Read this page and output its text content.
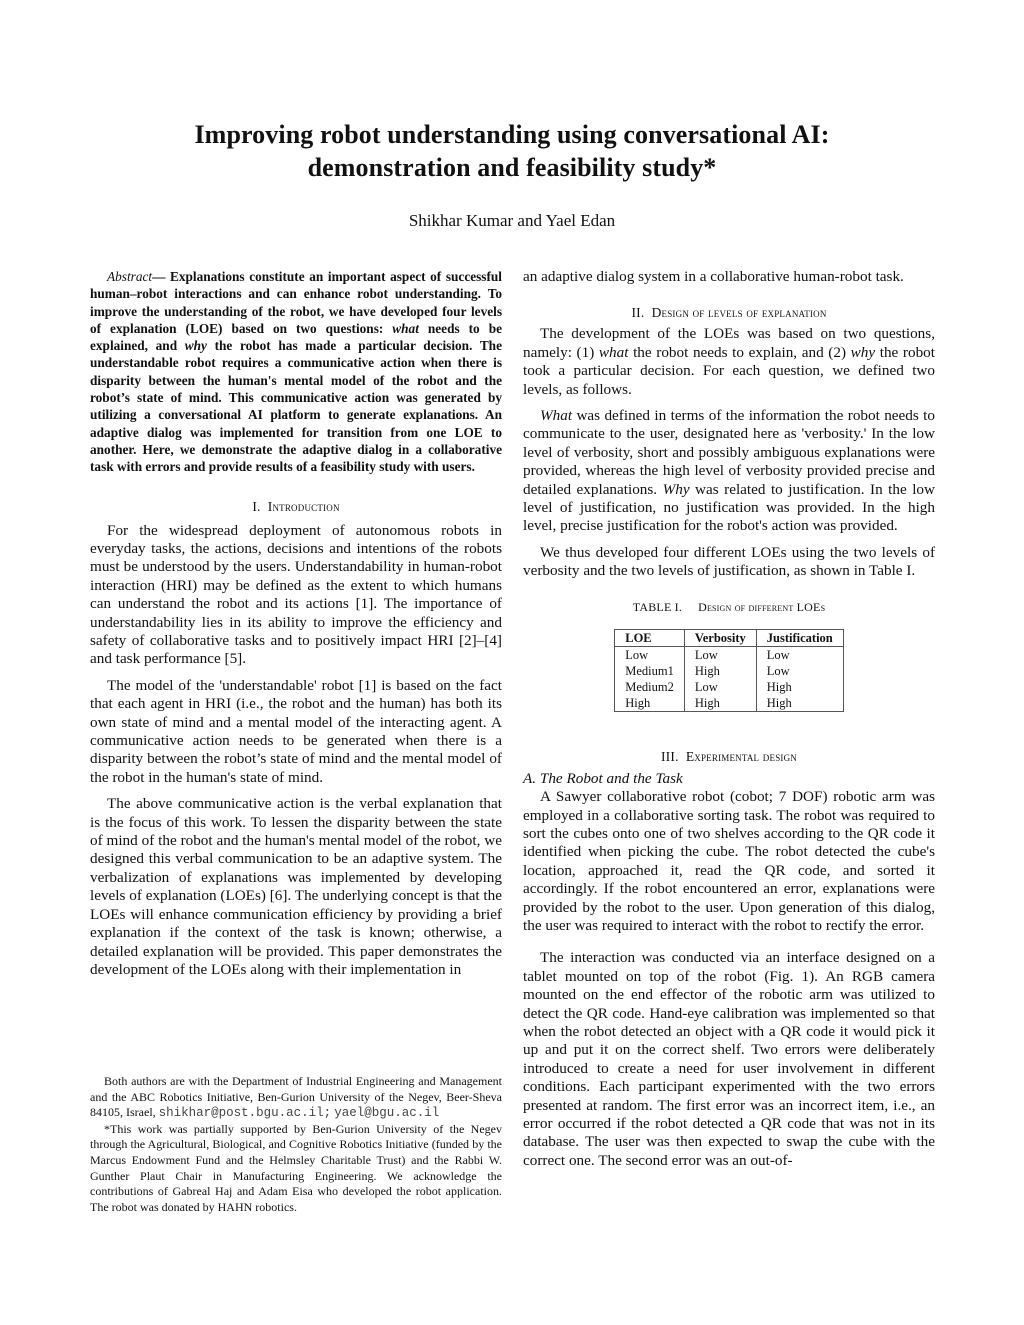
Improving robot understanding using conversational AI:
demonstration and feasibility study*
Shikhar Kumar and Yael Edan

Abstract— Explanations constitute an important aspect of successful human–robot interactions and can enhance robot understanding. To improve the understanding of the robot, we have developed four levels of explanation (LOE) based on two questions: what needs to be explained, and why the robot has made a particular decision. The understandable robot requires a communicative action when there is disparity between the human's mental model of the robot and the robot’s state of mind. This communicative action was generated by utilizing a conversational AI platform to generate explanations. An adaptive dialog was implemented for transition from one LOE to another. Here, we demonstrate the adaptive dialog in a collaborative task with errors and provide results of a feasibility study with users.

I. Introduction

For the widespread deployment of autonomous robots in everyday tasks, the actions, decisions and intentions of the robots must be understood by the users. Understandability in human-robot interaction (HRI) may be defined as the extent to which humans can understand the robot and its actions [1]. The importance of understandability lies in its ability to improve the efficiency and safety of collaborative tasks and to positively impact HRI [2]–[4] and task performance [5].

The model of the 'understandable' robot [1] is based on the fact that each agent in HRI (i.e., the robot and the human) has both its own state of mind and a mental model of the interacting agent. A communicative action needs to be generated when there is a disparity between the robot’s state of mind and the mental model of the robot in the human's state of mind.

The above communicative action is the verbal explanation that is the focus of this work. To lessen the disparity between the state of mind of the robot and the human's mental model of the robot, we designed this verbal communication to be an adaptive system. The verbalization of explanations was implemented by developing levels of explanation (LOEs) [6]. The underlying concept is that the LOEs will enhance communication efficiency by providing a brief explanation if the context of the task is known; otherwise, a detailed explanation will be provided. This paper demonstrates the development of the LOEs along with their implementation in

Both authors are with the Department of Industrial Engineering and Management and the ABC Robotics Initiative, Ben-Gurion University of the Negev, Beer-Sheva 84105, Israel, shikhar@post.bgu.ac.il; yael@bgu.ac.il

*This work was partially supported by Ben-Gurion University of the Negev through the Agricultural, Biological, and Cognitive Robotics Initiative (funded by the Marcus Endowment Fund and the Helmsley Charitable Trust) and the Rabbi W. Gunther Plaut Chair in Manufacturing Engineering. We acknowledge the contributions of Gabreal Haj and Adam Eisa who developed the robot application. The robot was donated by HAHN robotics.

an adaptive dialog system in a collaborative human-robot task.

II. Design of levels of explanation

The development of the LOEs was based on two questions, namely: (1) what the robot needs to explain, and (2) why the robot took a particular decision. For each question, we defined two levels, as follows.

What was defined in terms of the information the robot needs to communicate to the user, designated here as 'verbosity.' In the low level of verbosity, short and possibly ambiguous explanations were provided, whereas the high level of verbosity provided precise and detailed explanations. Why was related to justification. In the low level of justification, no justification was provided. In the high level, precise justification for the robot's action was provided.

We thus developed four different LOEs using the two levels of verbosity and the two levels of justification, as shown in Table I.

TABLE I. Design of different LOEs
LOE	Verbosity	Justification
Low	Low	Low
Medium1	High	Low
Medium2	Low	High
High	High	High
III. Experimental design
A. The Robot and the Task

A Sawyer collaborative robot (cobot; 7 DOF) robotic arm was employed in a collaborative sorting task. The robot was required to sort the cubes onto one of two shelves according to the QR code it identified when picking the cube. The robot detected the cube's location, approached it, read the QR code, and sorted it accordingly. If the robot encountered an error, explanations were provided by the robot to the user. Upon generation of this dialog, the user was required to interact with the robot to rectify the error.

The interaction was conducted via an interface designed on a tablet mounted on top of the robot (Fig. 1). An RGB camera mounted on the end effector of the robotic arm was utilized to detect the QR code. Hand-eye calibration was implemented so that when the robot detected an object with a QR code it would pick it up and put it on the correct shelf. Two errors were deliberately introduced to create a need for user involvement in different conditions. Each participant experimented with the two errors presented at random. The first error was an incorrect item, i.e., an error occurred if the robot detected a QR code that was not in its database. The user was then expected to swap the cube with the correct one. The second error was an out-of-
